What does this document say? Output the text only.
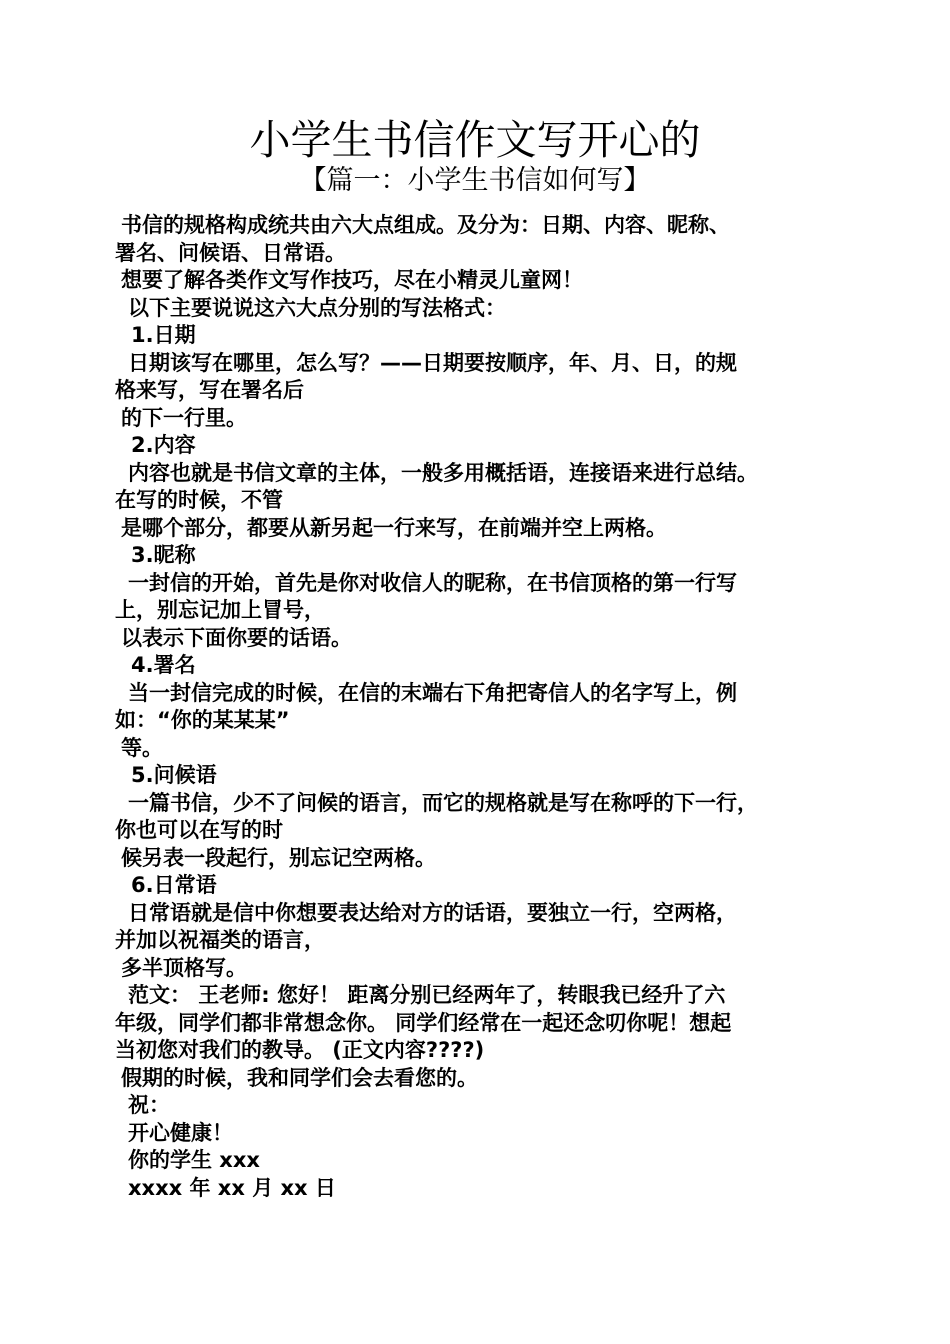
小学生书信作文写开心的
【篇一：小学生书信如何写】
书信的规格构成统共由六大点组成。及分为：日期、内容、昵称、
署名、问候语、日常语。
想要了解各类作文写作技巧，尽在小精灵儿童网！
以下主要说说这六大点分别的写法格式：
1.日期
日期该写在哪里，怎么写？——日期要按顺序，年、月、日，的规
格来写，写在署名后
的下一行里。
2.内容
内容也就是书信文章的主体，一般多用概括语，连接语来进行总结。
在写的时候，不管
是哪个部分，都要从新另起一行来写，在前端并空上两格。
3.昵称
一封信的开始，首先是你对收信人的昵称，在书信顶格的第一行写
上，别忘记加上冒号，
以表示下面你要的话语。
4.署名
当一封信完成的时候，在信的末端右下角把寄信人的名字写上，例
如：“你的某某某”
等。
5.问候语
一篇书信，少不了问候的语言，而它的规格就是写在称呼的下一行，
你也可以在写的时
候另表一段起行，别忘记空两格。
6.日常语
日常语就是信中你想要表达给对方的话语，要独立一行，空两格，
并加以祝福类的语言，
多半顶格写。
范文： 王老师: 您好！ 距离分别已经两年了，转眼我已经升了六
年级，同学们都非常想念你。 同学们经常在一起还念叨你呢！想起
当初您对我们的教导。 (正文内容????)
假期的时候，我和同学们会去看您的。
祝：
开心健康！
你的学生 xxx
xxxx 年 xx 月 xx 日
